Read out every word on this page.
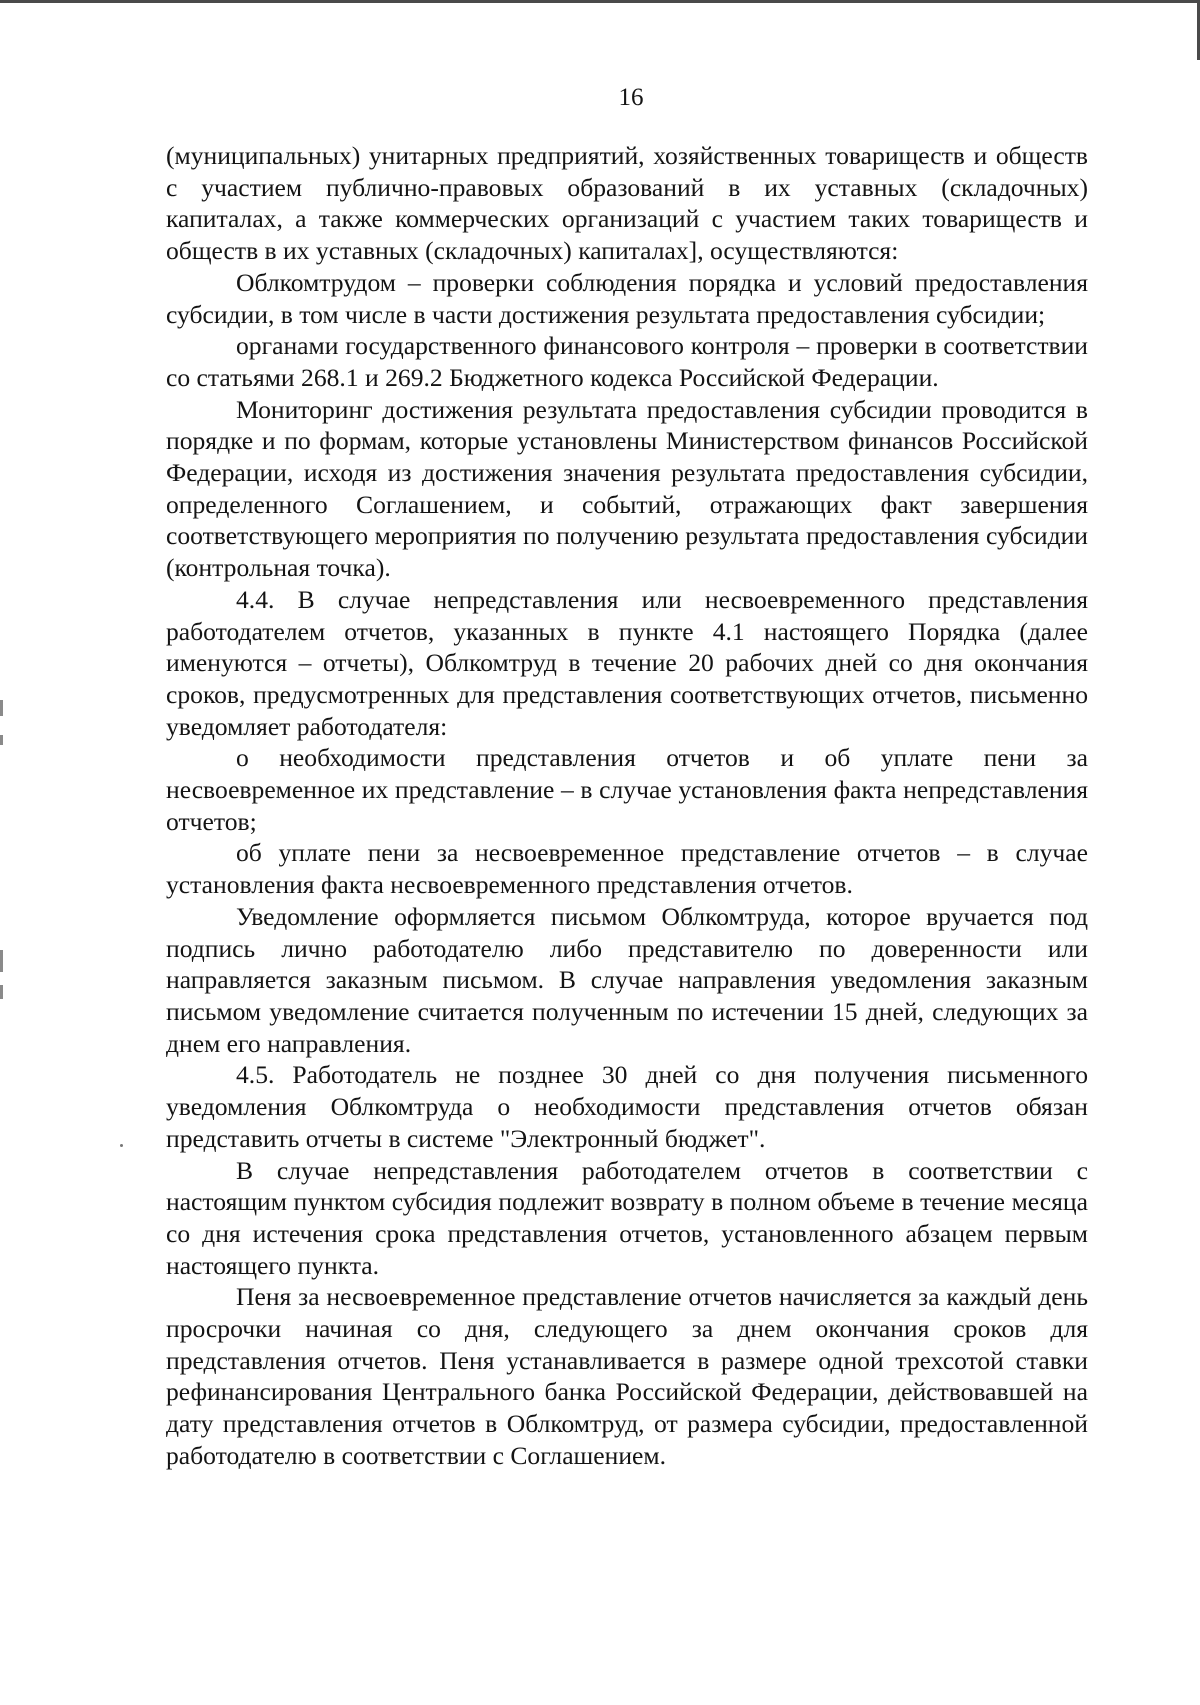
16

(муниципальных) унитарных предприятий, хозяйственных товариществ и обществ с участием публично-правовых образований в их уставных (складочных) капиталах, а также коммерческих организаций с участием таких товариществ и обществ в их уставных (складочных) капиталах], осуществляются:

Облкомтрудом – проверки соблюдения порядка и условий предоставления субсидии, в том числе в части достижения результата предоставления субсидии;

органами государственного финансового контроля – проверки в соответствии со статьями 268.1 и 269.2 Бюджетного кодекса Российской Федерации.

Мониторинг достижения результата предоставления субсидии проводится в порядке и по формам, которые установлены Министерством финансов Российской Федерации, исходя из достижения значения результата предоставления субсидии, определенного Соглашением, и событий, отражающих факт завершения соответствующего мероприятия по получению результата предоставления субсидии (контрольная точка).

4.4. В случае непредставления или несвоевременного представления работодателем отчетов, указанных в пункте 4.1 настоящего Порядка (далее именуются – отчеты), Облкомтруд в течение 20 рабочих дней со дня окончания сроков, предусмотренных для представления соответствующих отчетов, письменно уведомляет работодателя:

о необходимости представления отчетов и об уплате пени за несвоевременное их представление – в случае установления факта непредставления отчетов;

об уплате пени за несвоевременное представление отчетов – в случае установления факта несвоевременного представления отчетов.

Уведомление оформляется письмом Облкомтруда, которое вручается под подпись лично работодателю либо представителю по доверенности или направляется заказным письмом. В случае направления уведомления заказным письмом уведомление считается полученным по истечении 15 дней, следующих за днем его направления.

4.5. Работодатель не позднее 30 дней со дня получения письменного уведомления Облкомтруда о необходимости представления отчетов обязан представить отчеты в системе "Электронный бюджет".

В случае непредставления работодателем отчетов в соответствии с настоящим пунктом субсидия подлежит возврату в полном объеме в течение месяца со дня истечения срока представления отчетов, установленного абзацем первым настоящего пункта.

Пеня за несвоевременное представление отчетов начисляется за каждый день просрочки начиная со дня, следующего за днем окончания сроков для представления отчетов. Пеня устанавливается в размере одной трехсотой ставки рефинансирования Центрального банка Российской Федерации, действовавшей на дату представления отчетов в Облкомтруд, от размера субсидии, предоставленной работодателю в соответствии с Соглашением.
